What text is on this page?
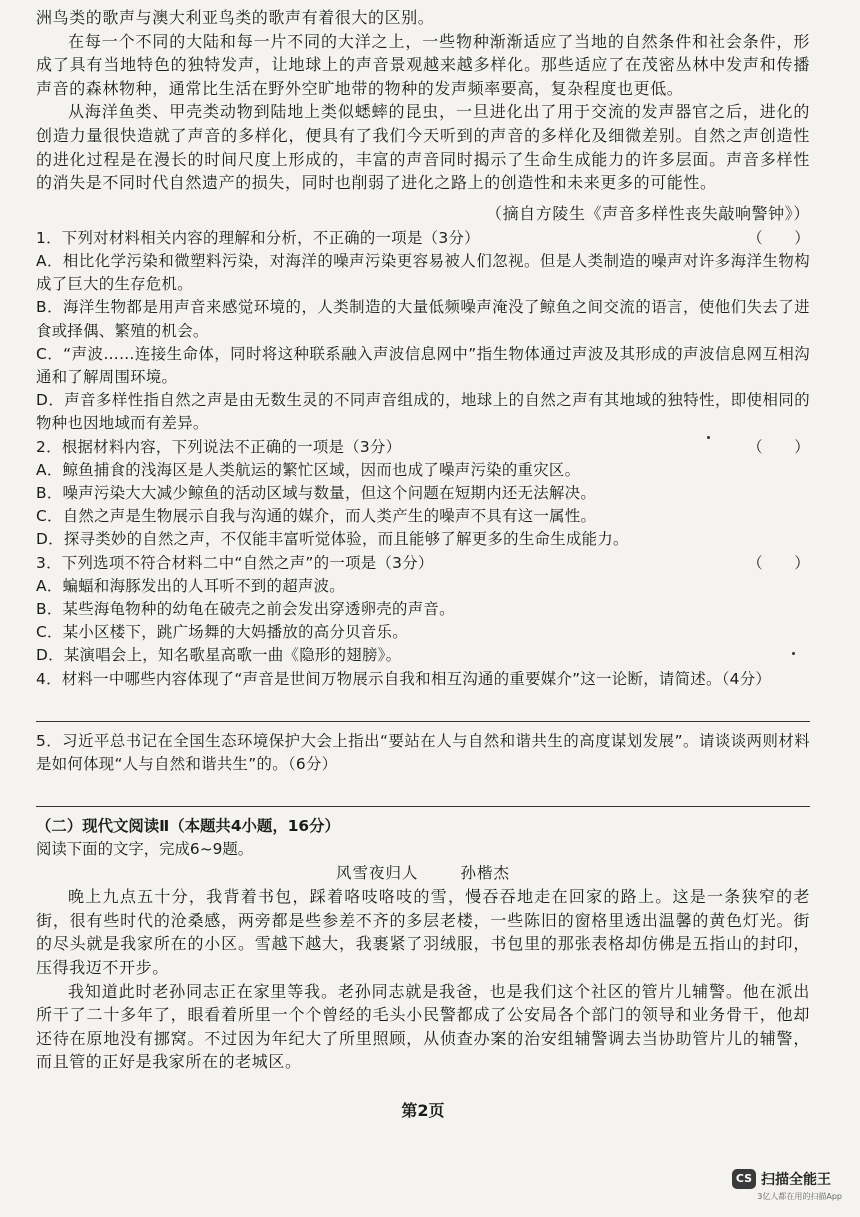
洲鸟类的歌声与澳大利亚鸟类的歌声有着很大的区别。

在每一个不同的大陆和每一片不同的大洋之上，一些物种渐渐适应了当地的自然条件和社会条件，形成了具有当地特色的独特发声，让地球上的声音景观越来越多样化。那些适应了在茂密丛林中发声和传播声音的森林物种，通常比生活在野外空旷地带的物种的发声频率要高，复杂程度也更低。

从海洋鱼类、甲壳类动物到陆地上类似蟋蟀的昆虫，一旦进化出了用于交流的发声器官之后，进化的创造力量很快造就了声音的多样化，便具有了我们今天听到的声音的多样化及细微差别。自然之声创造性的进化过程是在漫长的时间尺度上形成的，丰富的声音同时揭示了生命生成能力的许多层面。声音多样性的消失是不同时代自然遗产的损失，同时也削弱了进化之路上的创造性和未来更多的可能性。

（摘自方陵生《声音多样性丧失敲响警钟》）

1．下列对材料相关内容的理解和分析，不正确的一项是（3分）	（　　）

A．相比化学污染和微塑料污染，对海洋的噪声污染更容易被人们忽视。但是人类制造的噪声对许多海洋生物构成了巨大的生存危机。

B．海洋生物都是用声音来感觉环境的，人类制造的大量低频噪声淹没了鲸鱼之间交流的语言，使他们失去了进食或择偶、繁殖的机会。

C．“声波……连接生命体，同时将这种联系融入声波信息网中”指生物体通过声波及其形成的声波信息网互相沟通和了解周围环境。

D．声音多样性指自然之声是由无数生灵的不同声音组成的，地球上的自然之声有其地域的独特性，即使相同的物种也因地域而有差异。

2．根据材料内容，下列说法不正确的一项是（3分）	（　　）

A．鲸鱼捕食的浅海区是人类航运的繁忙区域，因而也成了噪声污染的重灾区。

B．噪声污染大大减少鲸鱼的活动区域与数量，但这个问题在短期内还无法解决。

C．自然之声是生物展示自我与沟通的媒介，而人类产生的噪声不具有这一属性。

D．探寻类妙的自然之声，不仅能丰富听觉体验，而且能够了解更多的生命生成能力。

3．下列选项不符合材料二中“自然之声”的一项是（3分）	（　　）

A．蝙蝠和海豚发出的人耳听不到的超声波。

B．某些海龟物种的幼龟在破壳之前会发出穿透卵壳的声音。

C．某小区楼下，跳广场舞的大妈播放的高分贝音乐。

D．某演唱会上，知名歌星高歌一曲《隐形的翅膀》。

4．材料一中哪些内容体现了“声音是世间万物展示自我和相互沟通的重要媒介”这一论断，请简述。（4分）

5．习近平总书记在全国生态环境保护大会上指出“要站在人与自然和谐共生的高度谋划发展”。请谈谈两则材料是如何体现“人与自然和谐共生”的。（6分）

（二）现代文阅读Ⅱ（本题共4小题，16分）

阅读下面的文字，完成6~9题。

风雪夜归人	孙楷杰

晚上九点五十分，我背着书包，踩着咯吱咯吱的雪，慢吞吞地走在回家的路上。这是一条狭窄的老街，很有些时代的沧桑感，两旁都是些参差不齐的多层老楼，一些陈旧的窗格里透出温馨的黄色灯光。街的尽头就是我家所在的小区。雪越下越大，我裹紧了羽绒服，书包里的那张表格却仿佛是五指山的封印，压得我迈不开步。

我知道此时老孙同志正在家里等我。老孙同志就是我爸，也是我们这个社区的管片儿辅警。他在派出所干了二十多年了，眼看着所里一个个曾经的毛头小民警都成了公安局各个部门的领导和业务骨干，他却还待在原地没有挪窝。不过因为年纪大了所里照顾，从侦查办案的治安组辅警调去当协助管片儿的辅警，而且管的正好是我家所在的老城区。

第2页
CS 扫描全能王
3亿人都在用的扫描App
